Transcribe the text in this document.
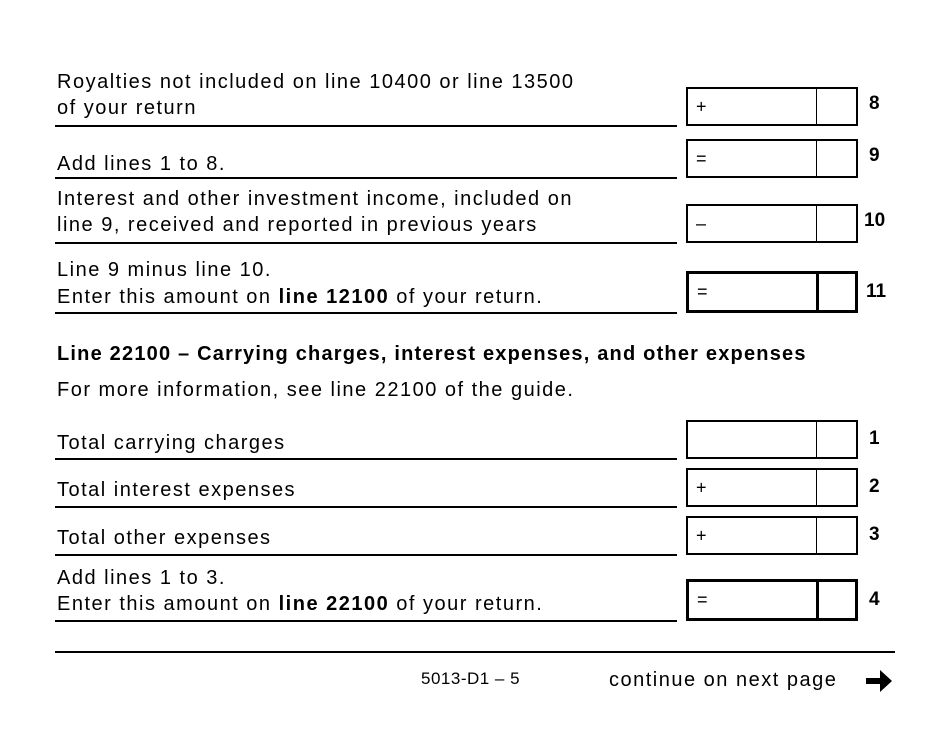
Royalties not included on line 10400 or line 13500
of your return	+	8
Add lines 1 to 8.	=	9
Interest and other investment income, included on
line 9, received and reported in previous years	–	10
Line 9 minus line 10.
Enter this amount on line 12100 of your return.	=	11
Line 22100 – Carrying charges, interest expenses, and other expenses
For more information, see line 22100 of the guide.
Total carrying charges	1
Total interest expenses	+	2
Total other expenses	+	3
Add lines 1 to 3.
Enter this amount on line 22100 of your return.	=	4
5013-D1 – 5	continue on next page
